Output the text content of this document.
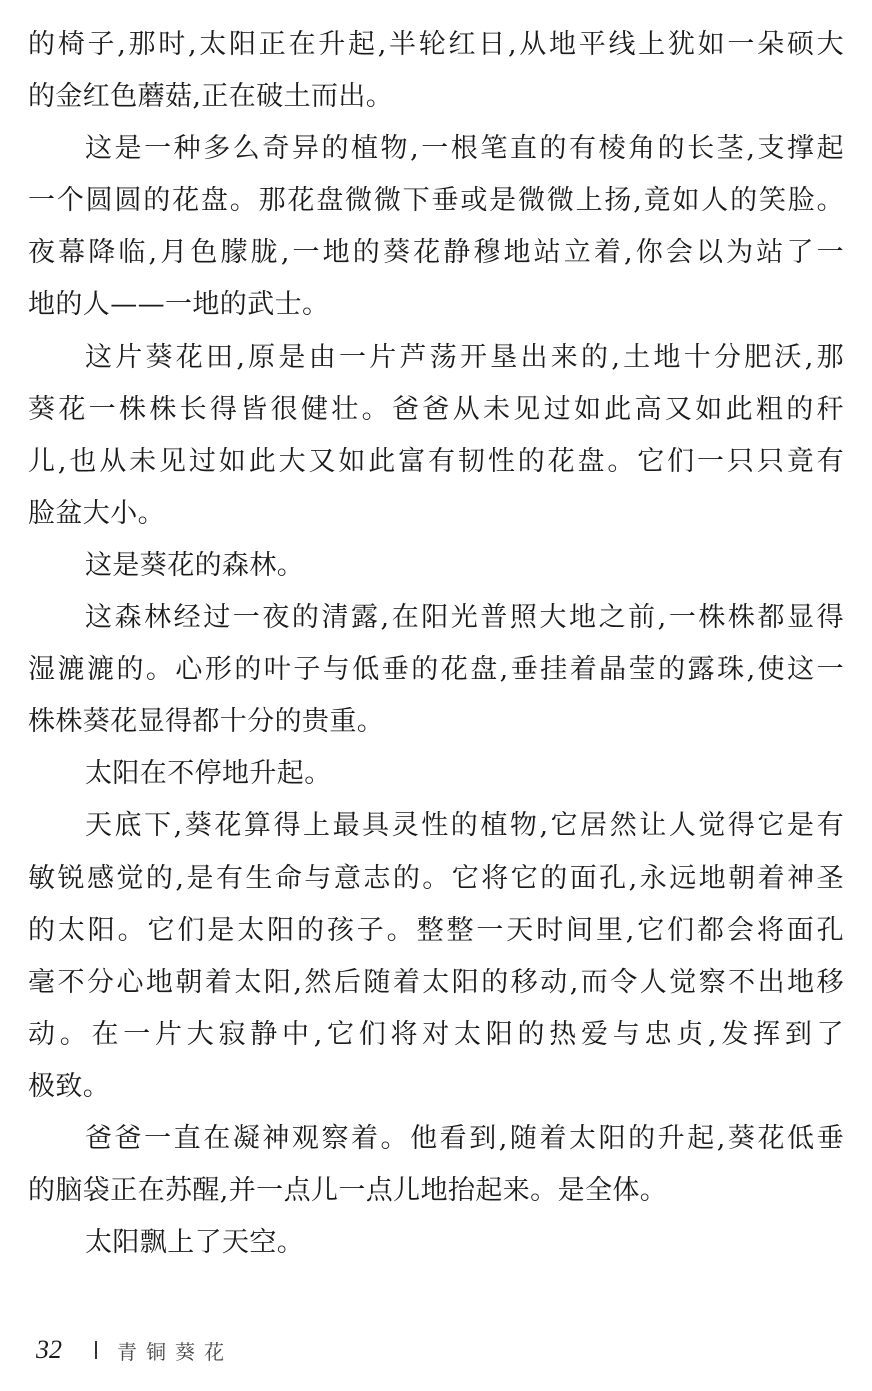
的椅子,那时,太阳正在升起,半轮红日,从地平线上犹如一朵硕大
的金红色蘑菇,正在破土而出。
这是一种多么奇异的植物,一根笔直的有棱角的长茎,支撑起
一个圆圆的花盘。那花盘微微下垂或是微微上扬,竟如人的笑脸。
夜幕降临,月色朦胧,一地的葵花静穆地站立着,你会以为站了一
地的人——一地的武士。
这片葵花田,原是由一片芦荡开垦出来的,土地十分肥沃,那
葵花一株株长得皆很健壮。爸爸从未见过如此高又如此粗的秆
儿,也从未见过如此大又如此富有韧性的花盘。它们一只只竟有
脸盆大小。
这是葵花的森林。
这森林经过一夜的清露,在阳光普照大地之前,一株株都显得
湿漉漉的。心形的叶子与低垂的花盘,垂挂着晶莹的露珠,使这一
株株葵花显得都十分的贵重。
太阳在不停地升起。
天底下,葵花算得上最具灵性的植物,它居然让人觉得它是有
敏锐感觉的,是有生命与意志的。它将它的面孔,永远地朝着神圣
的太阳。它们是太阳的孩子。整整一天时间里,它们都会将面孔
毫不分心地朝着太阳,然后随着太阳的移动,而令人觉察不出地移
动。在一片大寂静中,它们将对太阳的热爱与忠贞,发挥到了
极致。
爸爸一直在凝神观察着。他看到,随着太阳的升起,葵花低垂
的脑袋正在苏醒,并一点儿一点儿地抬起来。是全体。
太阳飘上了天空。
32	青铜葵花
